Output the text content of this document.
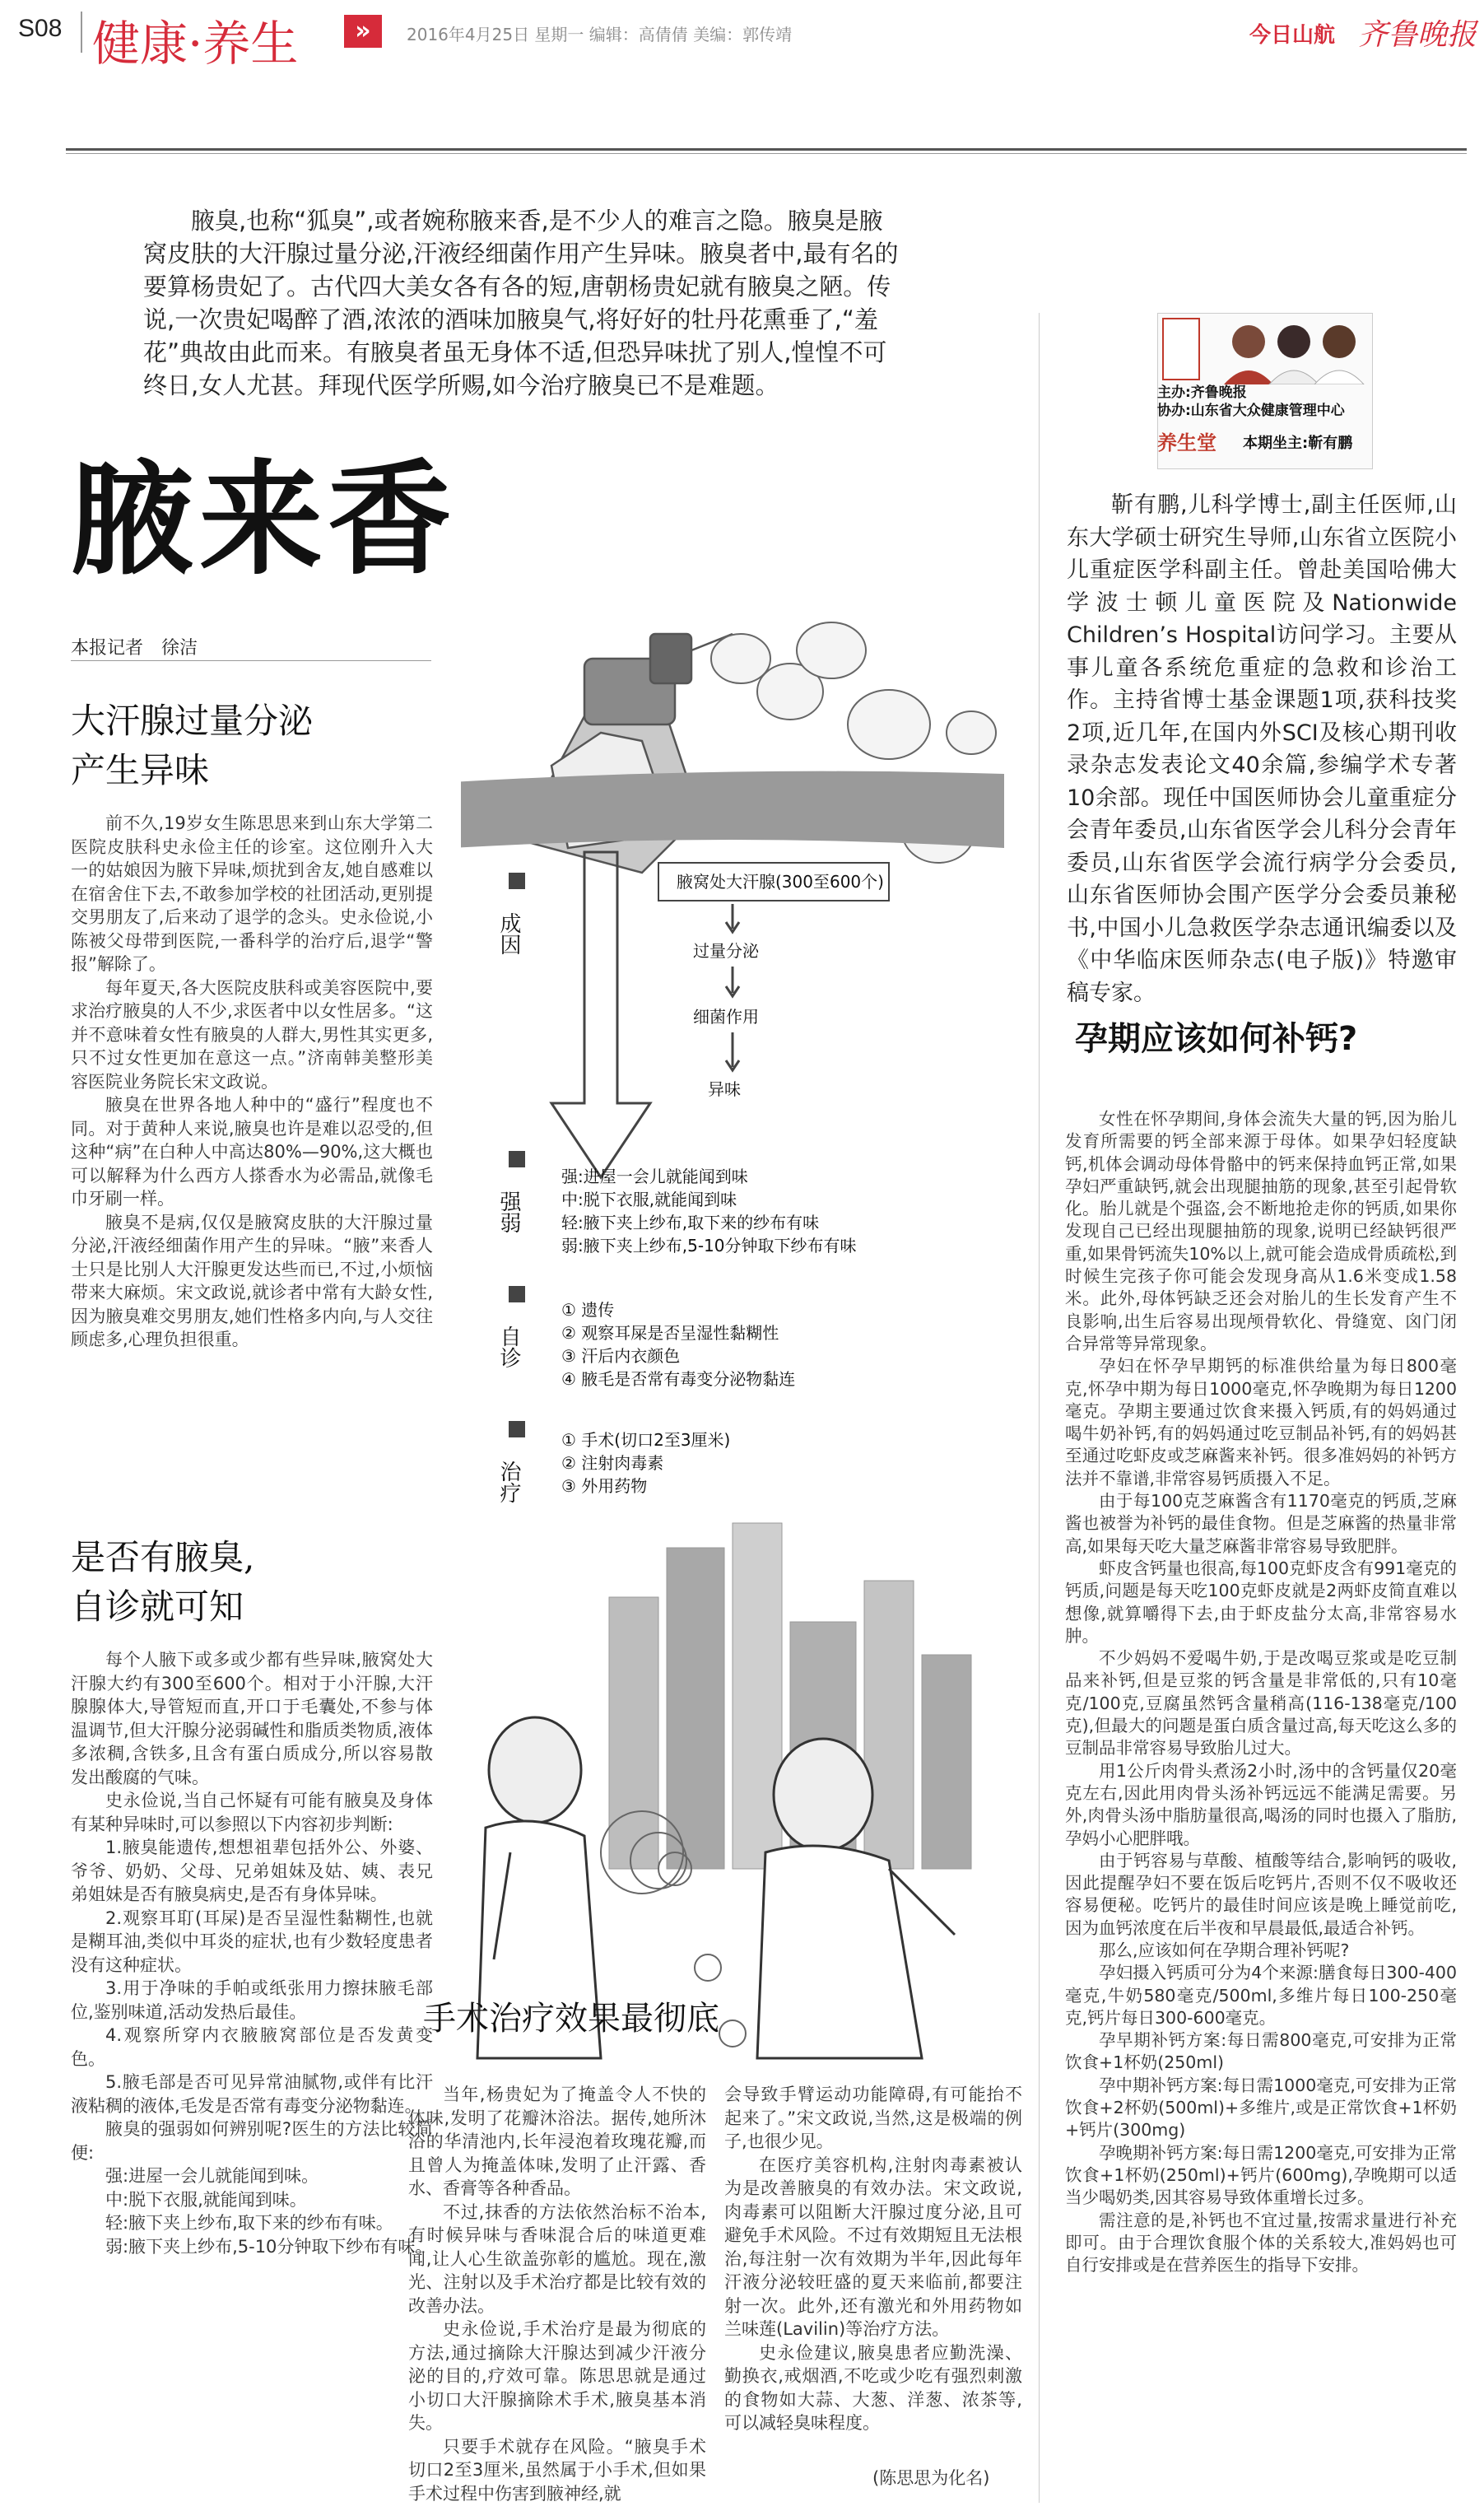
S08 健康·养生	»	2016年4月25日 星期一 编辑：高倩倩 美编：郭传靖	今日山航 齐鲁晚报
腋臭,也称“狐臭”,或者婉称腋来香,是不少人的难言之隐。腋臭是腋窝皮肤的大汗腺过量分泌,汗液经细菌作用产生异味。腋臭者中,最有名的要算杨贵妃了。古代四大美女各有各的短,唐朝杨贵妃就有腋臭之陋。传说,一次贵妃喝醉了酒,浓浓的酒味加腋臭气,将好好的牡丹花熏垂了,“羞花”典故由此而来。有腋臭者虽无身体不适,但恐异味扰了别人,惶惶不可终日,女人尤甚。拜现代医学所赐,如今治疗腋臭已不是难题。
腋来香
本报记者　徐洁
大汗腺过量分泌
产生异味

前不久,19岁女生陈思思来到山东大学第二医院皮肤科史永俭主任的诊室。这位刚升入大一的姑娘因为腋下异味,烦扰到舍友,她自感难以在宿舍住下去,不敢参加学校的社团活动,更别提交男朋友了,后来动了退学的念头。史永俭说,小陈被父母带到医院,一番科学的治疗后,退学“警报”解除了。

每年夏天,各大医院皮肤科或美容医院中,要求治疗腋臭的人不少,求医者中以女性居多。“这并不意味着女性有腋臭的人群大,男性其实更多,只不过女性更加在意这一点。”济南韩美整形美容医院业务院长宋文政说。

腋臭在世界各地人种中的“盛行”程度也不同。对于黄种人来说,腋臭也许是难以忍受的,但这种“病”在白种人中高达80%—90%,这大概也可以解释为什么西方人搽香水为必需品,就像毛巾牙刷一样。

腋臭不是病,仅仅是腋窝皮肤的大汗腺过量分泌,汗液经细菌作用产生的异味。“腋”来香人士只是比别人大汗腺更发达些而已,不过,小烦恼带来大麻烦。宋文政说,就诊者中常有大龄女性,因为腋臭难交男朋友,她们性格多内向,与人交往顾虑多,心理负担很重。

是否有腋臭,
自诊就可知

每个人腋下或多或少都有些异味,腋窝处大汗腺大约有300至600个。相对于小汗腺,大汗腺腺体大,导管短而直,开口于毛囊处,不参与体温调节,但大汗腺分泌弱碱性和脂质类物质,液体多浓稠,含铁多,且含有蛋白质成分,所以容易散发出酸腐的气味。

史永俭说,当自己怀疑有可能有腋臭及身体有某种异味时,可以参照以下内容初步判断:

1.腋臭能遗传,想想祖辈包括外公、外婆、爷爷、奶奶、父母、兄弟姐妹及姑、姨、表兄弟姐妹是否有腋臭病史,是否有身体异味。

2.观察耳耵(耳屎)是否呈湿性黏糊性,也就是糊耳油,类似中耳炎的症状,也有少数轻度患者没有这种症状。

3.用于净味的手帕或纸张用力擦抹腋毛部位,鉴别味道,活动发热后最佳。

4.观察所穿内衣腋腋窝部位是否发黄变色。

5.腋毛部是否可见异常油腻物,或伴有比汗液粘稠的液体,毛发是否常有毒变分泌物黏连。

腋臭的强弱如何辨别呢?医生的方法比较简便:

强:进屋一会儿就能闻到味。

中:脱下衣服,就能闻到味。

轻:腋下夹上纱布,取下来的纱布有味。

弱:腋下夹上纱布,5-10分钟取下纱布有味。

成因
腋窝处大汗腺(300至600个)
过量分泌
细菌作用
异味
强弱
强:进屋一会儿就能闻到味
中:脱下衣服,就能闻到味
轻:腋下夹上纱布,取下来的纱布有味
弱:腋下夹上纱布,5-10分钟取下纱布有味
自诊
① 遗传
② 观察耳屎是否呈湿性黏糊性
③ 汗后内衣颜色
④ 腋毛是否常有毒变分泌物黏连
治疗
① 手术(切口2至3厘米)
② 注射肉毒素
③ 外用药物
手术治疗效果最彻底

当年,杨贵妃为了掩盖令人不快的体味,发明了花瓣沐浴法。据传,她所沐浴的华清池内,长年浸泡着玫瑰花瓣,而且曾人为掩盖体味,发明了止汗露、香水、香膏等各种香品。

不过,抹香的方法依然治标不治本,有时候异味与香味混合后的味道更难闻,让人心生欲盖弥彰的尴尬。现在,激光、注射以及手术治疗都是比较有效的改善办法。

史永俭说,手术治疗是最为彻底的方法,通过摘除大汗腺达到减少汗液分泌的目的,疗效可靠。陈思思就是通过小切口大汗腺摘除术手术,腋臭基本消失。

只要手术就存在风险。“腋臭手术切口2至3厘米,虽然属于小手术,但如果手术过程中伤害到腋神经,就

会导致手臂运动功能障碍,有可能抬不起来了。”宋文政说,当然,这是极端的例子,也很少见。

在医疗美容机构,注射肉毒素被认为是改善腋臭的有效办法。宋文政说,肉毒素可以阻断大汗腺过度分泌,且可避免手术风险。不过有效期短且无法根治,每注射一次有效期为半年,因此每年汗液分泌较旺盛的夏天来临前,都要注射一次。此外,还有激光和外用药物如兰味莲(Lavilin)等治疗方法。

史永俭建议,腋臭患者应勤洗澡、勤换衣,戒烟酒,不吃或少吃有强烈刺激的食物如大蒜、大葱、洋葱、浓茶等,可以减轻臭味程度。

(陈思思为化名)
主办:齐鲁晚报
协办:山东省大众健康管理中心
养生堂 本期坐主:靳有鹏

靳有鹏,儿科学博士,副主任医师,山东大学硕士研究生导师,山东省立医院小儿重症医学科副主任。曾赴美国哈佛大学波士顿儿童医院及Nationwide Children’s Hospital访问学习。主要从事儿童各系统危重症的急救和诊治工作。主持省博士基金课题1项,获科技奖2项,近几年,在国内外SCI及核心期刊收录杂志发表论文40余篇,参编学术专著10余部。现任中国医师协会儿童重症分会青年委员,山东省医学会儿科分会青年委员,山东省医学会流行病学分会委员,山东省医师协会围产医学分会委员兼秘书,中国小儿急救医学杂志通讯编委以及《中华临床医师杂志(电子版)》特邀审稿专家。

孕期应该如何补钙?

女性在怀孕期间,身体会流失大量的钙,因为胎儿发育所需要的钙全部来源于母体。如果孕妇轻度缺钙,机体会调动母体骨骼中的钙来保持血钙正常,如果孕妇严重缺钙,就会出现腿抽筋的现象,甚至引起骨软化。胎儿就是个强盗,会不断地抢走你的钙质,如果你发现自己已经出现腿抽筋的现象,说明已经缺钙很严重,如果骨钙流失10%以上,就可能会造成骨质疏松,到时候生完孩子你可能会发现身高从1.6米变成1.58米。此外,母体钙缺乏还会对胎儿的生长发育产生不良影响,出生后容易出现颅骨软化、骨缝宽、囟门闭合异常等异常现象。

孕妇在怀孕早期钙的标准供给量为每日800毫克,怀孕中期为每日1000毫克,怀孕晚期为每日1200毫克。孕期主要通过饮食来摄入钙质,有的妈妈通过喝牛奶补钙,有的妈妈通过吃豆制品补钙,有的妈妈甚至通过吃虾皮或芝麻酱来补钙。很多准妈妈的补钙方法并不靠谱,非常容易钙质摄入不足。

由于每100克芝麻酱含有1170毫克的钙质,芝麻酱也被誉为补钙的最佳食物。但是芝麻酱的热量非常高,如果每天吃大量芝麻酱非常容易导致肥胖。

虾皮含钙量也很高,每100克虾皮含有991毫克的钙质,问题是每天吃100克虾皮就是2两虾皮简直难以想像,就算嚼得下去,由于虾皮盐分太高,非常容易水肿。

不少妈妈不爱喝牛奶,于是改喝豆浆或是吃豆制品来补钙,但是豆浆的钙含量是非常低的,只有10毫克/100克,豆腐虽然钙含量稍高(116-138毫克/100克),但最大的问题是蛋白质含量过高,每天吃这么多的豆制品非常容易导致胎儿过大。

用1公斤肉骨头煮汤2小时,汤中的含钙量仅20毫克左右,因此用肉骨头汤补钙远远不能满足需要。另外,肉骨头汤中脂肪量很高,喝汤的同时也摄入了脂肪,孕妈小心肥胖哦。

由于钙容易与草酸、植酸等结合,影响钙的吸收,因此提醒孕妇不要在饭后吃钙片,否则不仅不吸收还容易便秘。吃钙片的最佳时间应该是晚上睡觉前吃,因为血钙浓度在后半夜和早晨最低,最适合补钙。

那么,应该如何在孕期合理补钙呢?

孕妇摄入钙质可分为4个来源:膳食每日300-400毫克,牛奶580毫克/500ml,多维片每日100-250毫克,钙片每日300-600毫克。

孕早期补钙方案:每日需800毫克,可安排为正常饮食+1杯奶(250ml)

孕中期补钙方案:每日需1000毫克,可安排为正常饮食+2杯奶(500ml)+多维片,或是正常饮食+1杯奶+钙片(300mg)

孕晚期补钙方案:每日需1200毫克,可安排为正常饮食+1杯奶(250ml)+钙片(600mg),孕晚期可以适当少喝奶类,因其容易导致体重增长过多。

需注意的是,补钙也不宜过量,按需求量进行补充即可。由于合理饮食服个体的关系较大,准妈妈也可自行安排或是在营养医生的指导下安排。
